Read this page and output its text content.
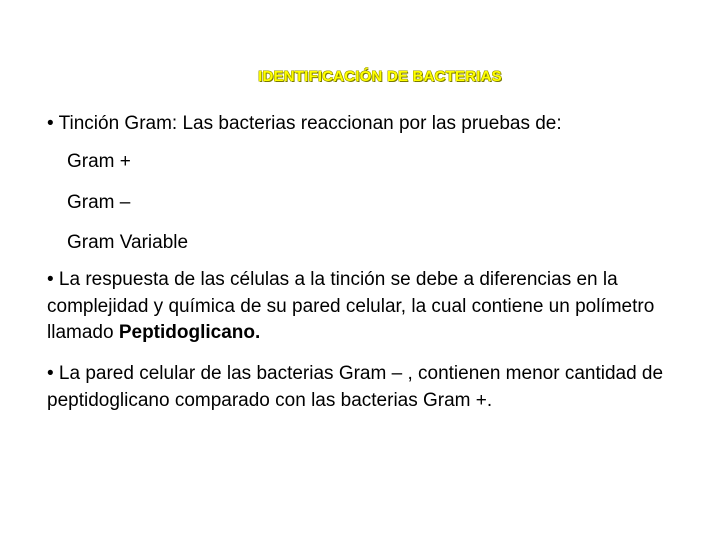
IDENTIFICACIÓN DE BACTERIAS
• Tinción Gram: Las bacterias reaccionan por las pruebas de:
Gram +
Gram –
Gram Variable
• La respuesta de las células a la tinción se debe a diferencias en la complejidad y química de su pared celular, la cual contiene un polímetro llamado Peptidoglicano.
• La pared celular de las bacterias Gram – , contienen menor cantidad de peptidoglicano comparado con las bacterias Gram +.
